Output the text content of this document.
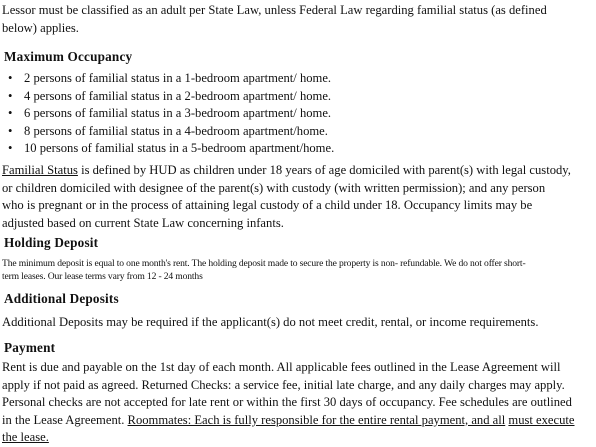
Lessor must be classified as an adult per State Law, unless Federal Law regarding familial status (as defined
below) applies.
Maximum Occupancy
• 2 persons of familial status in a 1-bedroom apartment/ home.
• 4 persons of familial status in a 2-bedroom apartment/ home.
• 6 persons of familial status in a 3-bedroom apartment/ home.
• 8 persons of familial status in a 4-bedroom apartment/home.
• 10 persons of familial status in a 5-bedroom apartment/home.
Familial Status is defined by HUD as children under 18 years of age domiciled with parent(s) with legal custody,
or children domiciled with designee of the parent(s) with custody (with written permission); and any person
who is pregnant or in the process of attaining legal custody of a child under 18. Occupancy limits may be
adjusted based on current State Law concerning infants.
Holding Deposit
The minimum deposit is equal to one month's rent. The holding deposit made to secure the property is non- refundable. We do not offer short-
term leases. Our lease terms vary from 12 - 24 months
Additional Deposits
Additional Deposits may be required if the applicant(s) do not meet credit, rental, or income requirements.
Payment
Rent is due and payable on the 1st day of each month. All applicable fees outlined in the Lease Agreement will
apply if not paid as agreed. Returned Checks: a service fee, initial late charge, and any daily charges may apply.
Personal checks are not accepted for late rent or within the first 30 days of occupancy. Fee schedules are outlined
in the Lease Agreement. Roommates: Each is fully responsible for the entire rental payment, and all must execute
the lease.
